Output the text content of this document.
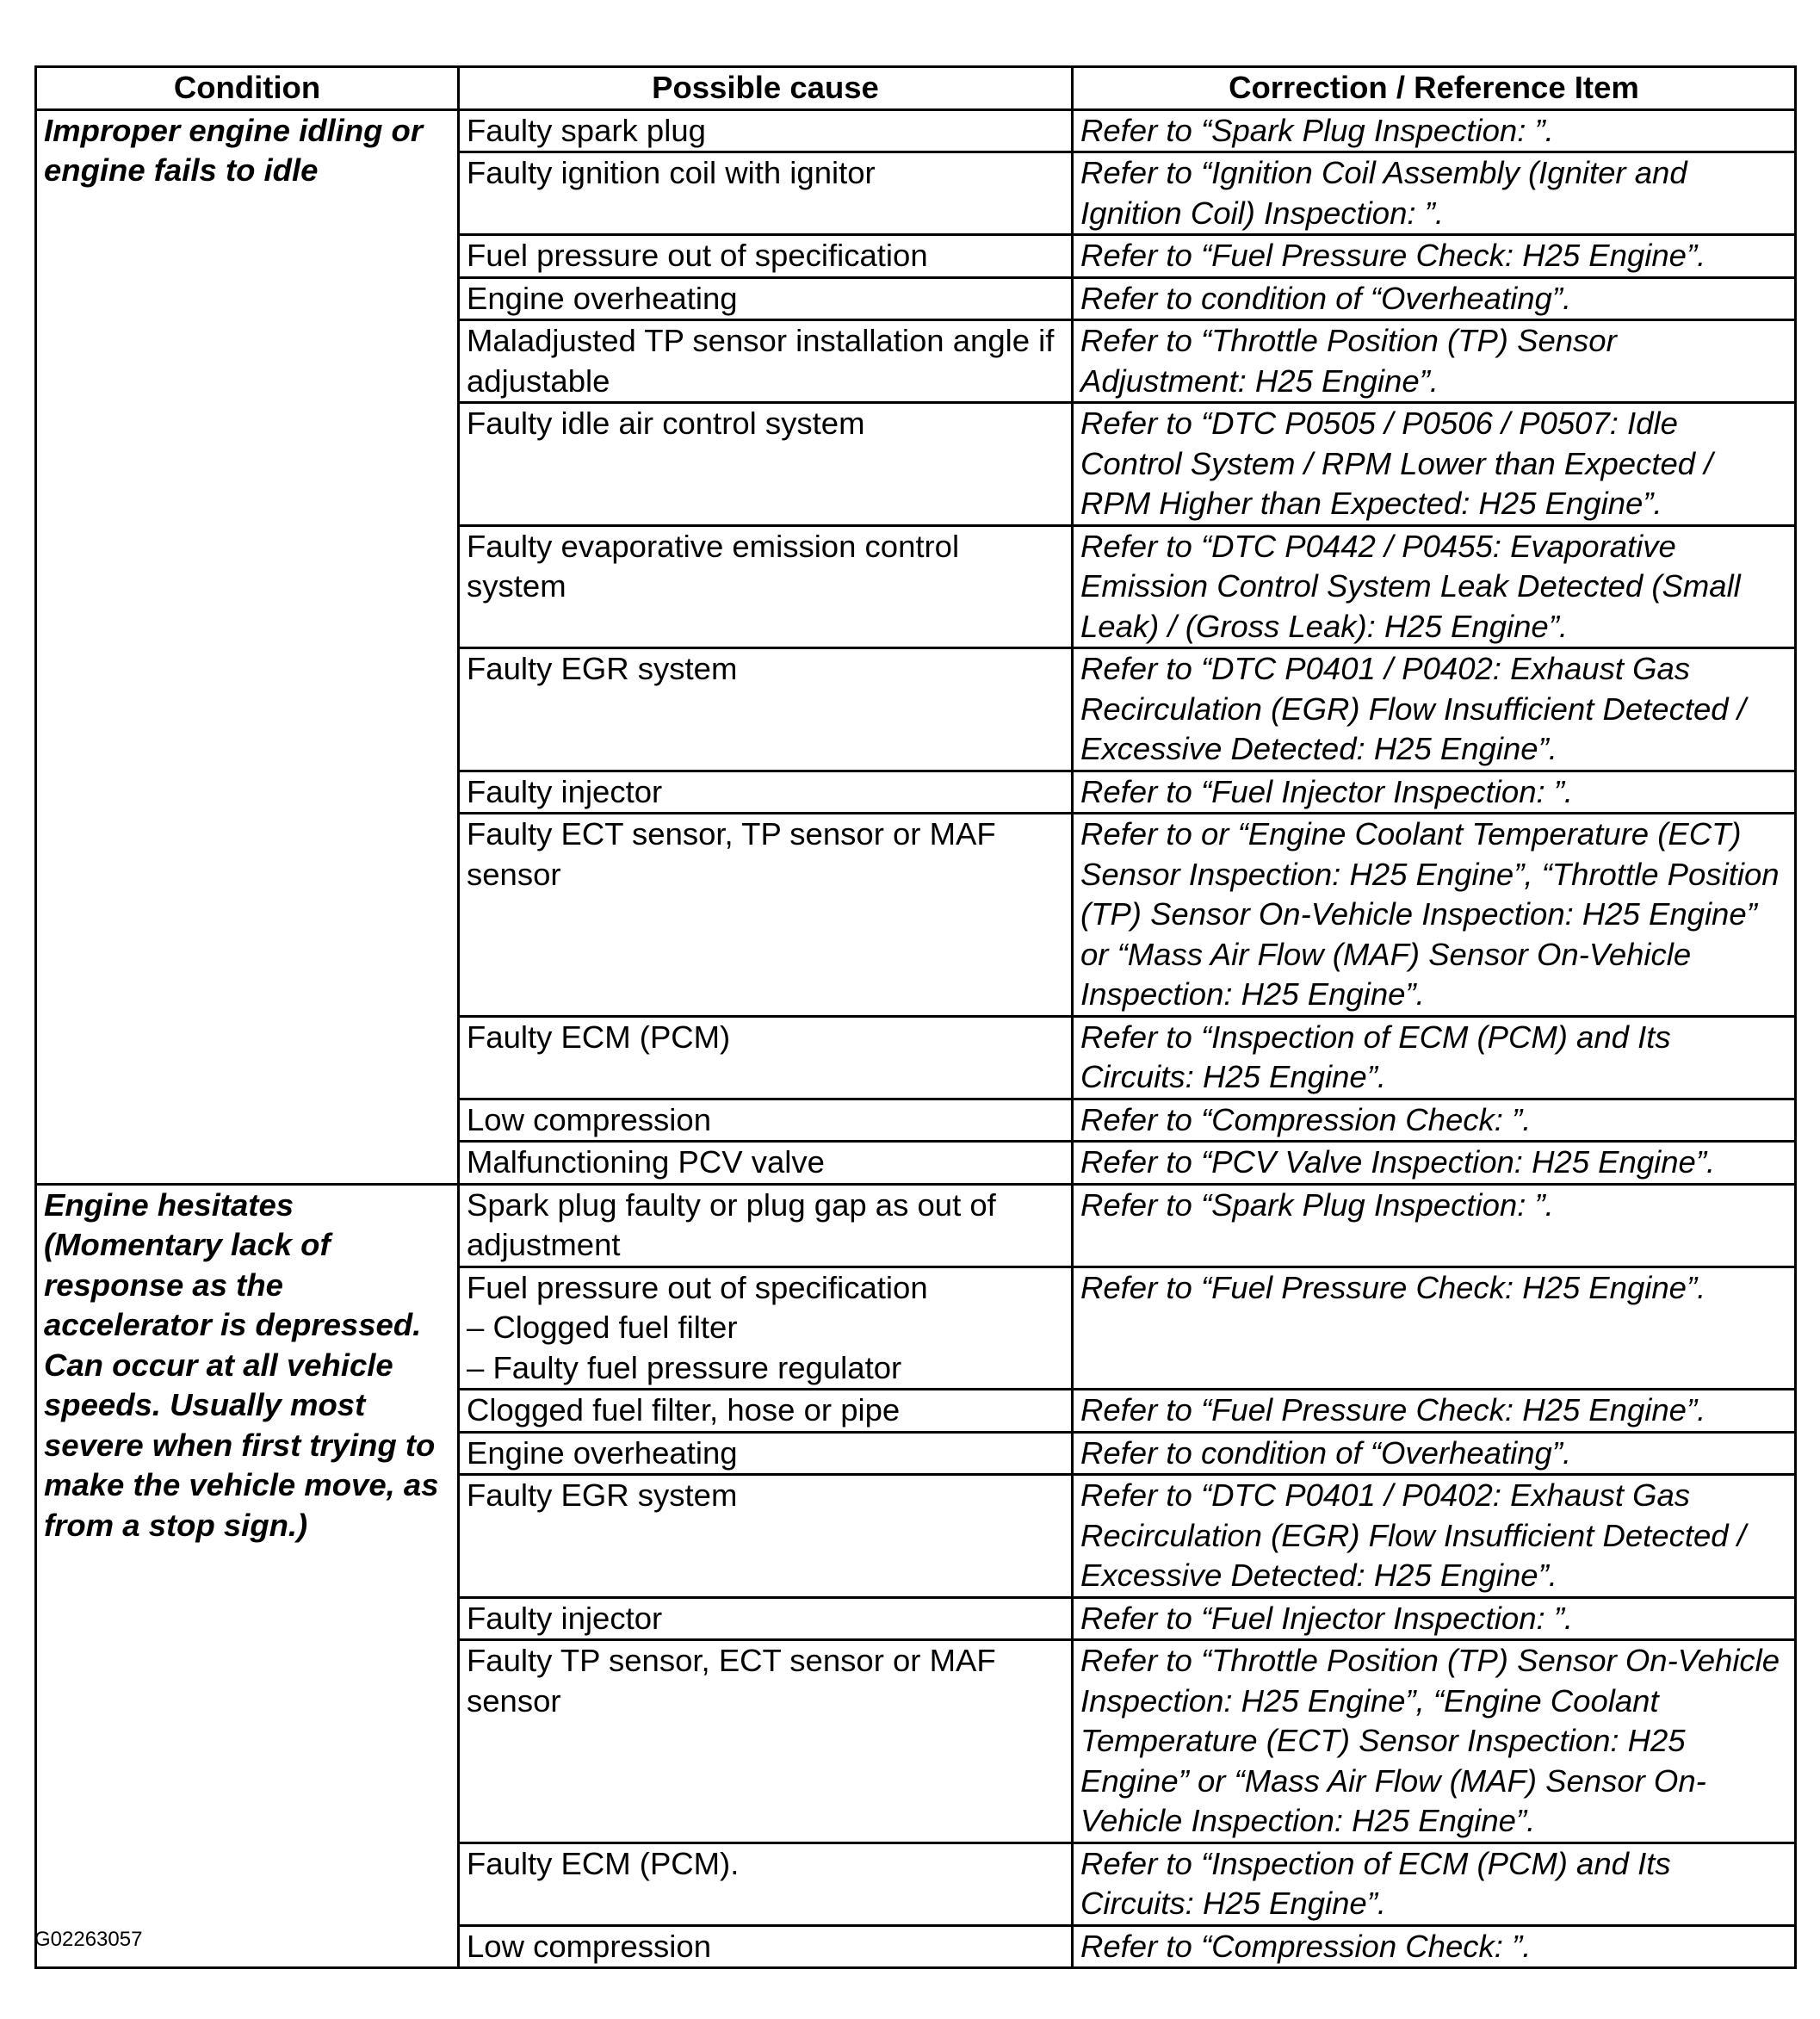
Condition	Possible cause	Correction / Reference Item
Improper engine idling or engine fails to idle	Faulty spark plug	Refer to “Spark Plug Inspection: ”.

	Faulty ignition coil with ignitor	Refer to “Ignition Coil Assembly (Igniter and Ignition Coil) Inspection: ”.

	Fuel pressure out of specification	Refer to “Fuel Pressure Check: H25 Engine”.

	Engine overheating	Refer to condition of “Overheating”.

	Maladjusted TP sensor installation angle if adjustable	Refer to “Throttle Position (TP) Sensor Adjustment: H25 Engine”.

	Faulty idle air control system	Refer to “DTC P0505 / P0506 / P0507: Idle Control System / RPM Lower than Expected / RPM Higher than Expected: H25 Engine”.

	Faulty evaporative emission control system	Refer to “DTC P0442 / P0455: Evaporative Emission Control System Leak Detected (Small Leak) / (Gross Leak): H25 Engine”.

	Faulty EGR system	Refer to “DTC P0401 / P0402: Exhaust Gas Recirculation (EGR) Flow Insufficient Detected / Excessive Detected: H25 Engine”.

	Faulty injector	Refer to “Fuel Injector Inspection: ”.

	Faulty ECT sensor, TP sensor or MAF sensor	Refer to or “Engine Coolant Temperature (ECT) Sensor Inspection: H25 Engine”, “Throttle Position (TP) Sensor On-Vehicle Inspection: H25 Engine” or “Mass Air Flow (MAF) Sensor On-Vehicle Inspection: H25 Engine”.

	Faulty ECM (PCM)	Refer to “Inspection of ECM (PCM) and Its Circuits: H25 Engine”.

	Low compression	Refer to “Compression Check: ”.

	Malfunctioning PCV valve	Refer to “PCV Valve Inspection: H25 Engine”.
Engine hesitates (Momentary lack of response as the accelerator is depressed. Can occur at all vehicle speeds. Usually most severe when first trying to make the vehicle move, as from a stop sign.)	Spark plug faulty or plug gap as out of adjustment	Refer to “Spark Plug Inspection: ”.

	Fuel pressure out of specification
– Clogged fuel filter
– Faulty fuel pressure regulator	Refer to “Fuel Pressure Check: H25 Engine”.

	Clogged fuel filter, hose or pipe	Refer to “Fuel Pressure Check: H25 Engine”.

	Engine overheating	Refer to condition of “Overheating”.

	Faulty EGR system	Refer to “DTC P0401 / P0402: Exhaust Gas Recirculation (EGR) Flow Insufficient Detected / Excessive Detected: H25 Engine”.

	Faulty injector	Refer to “Fuel Injector Inspection: ”.

	Faulty TP sensor, ECT sensor or MAF sensor	Refer to “Throttle Position (TP) Sensor On-Vehicle Inspection: H25 Engine”, “Engine Coolant Temperature (ECT) Sensor Inspection: H25 Engine” or “Mass Air Flow (MAF) Sensor On-Vehicle Inspection: H25 Engine”.

	Faulty ECM (PCM).	Refer to “Inspection of ECM (PCM) and Its Circuits: H25 Engine”.

	Low compression	Refer to “Compression Check: ”.
G02263057
